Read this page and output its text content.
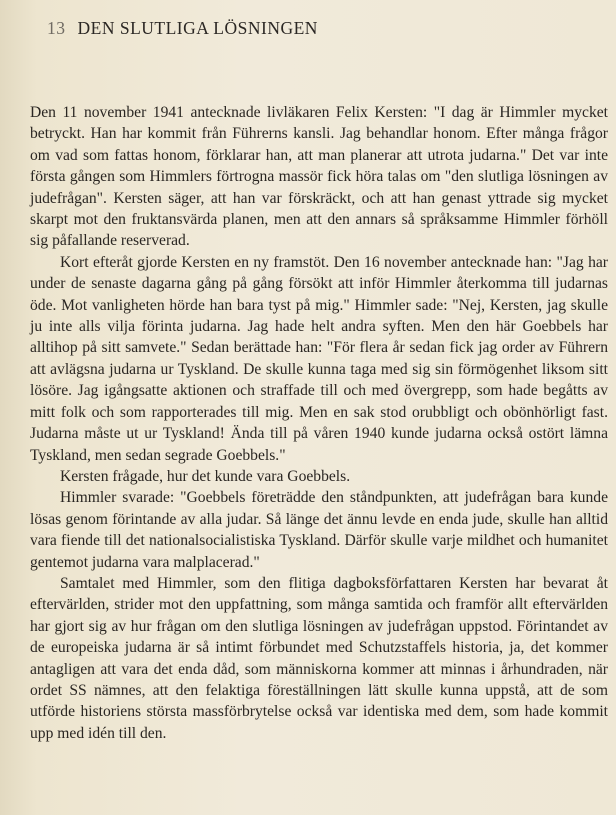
13 DEN SLUTLIGA LÖSNINGEN

Den 11 november 1941 antecknade livläkaren Felix Kersten: "I dag är Himmler mycket betryckt. Han har kommit från Führerns kansli. Jag behandlar honom. Efter många frågor om vad som fattas honom, förklarar han, att man planerar att utrota judarna." Det var inte första gången som Himmlers förtrogna massör fick höra talas om "den slutliga lösningen av judefrågan". Kersten säger, att han var förskräckt, och att han genast yttrade sig mycket skarpt mot den fruktansvärda planen, men att den annars så språksamme Himmler förhöll sig påfallande reserverad.

Kort efteråt gjorde Kersten en ny framstöt. Den 16 november antecknade han: "Jag har under de senaste dagarna gång på gång försökt att inför Himmler återkomma till judarnas öde. Mot vanligheten hörde han bara tyst på mig." Himmler sade: "Nej, Kersten, jag skulle ju inte alls vilja förinta judarna. Jag hade helt andra syften. Men den här Goebbels har alltihop på sitt samvete." Sedan berättade han: "För flera år sedan fick jag order av Führern att avlägsna judarna ur Tyskland. De skulle kunna taga med sig sin förmögenhet liksom sitt lösöre. Jag igångsatte aktionen och straffade till och med övergrepp, som hade begåtts av mitt folk och som rapporterades till mig. Men en sak stod orubbligt och obönhörligt fast. Judarna måste ut ur Tyskland! Ända till på våren 1940 kunde judarna också ostört lämna Tyskland, men sedan segrade Goebbels."

Kersten frågade, hur det kunde vara Goebbels.

Himmler svarade: "Goebbels företrädde den ståndpunkten, att judefrågan bara kunde lösas genom förintande av alla judar. Så länge det ännu levde en enda jude, skulle han alltid vara fiende till det nationalsocialistiska Tyskland. Därför skulle varje mildhet och humanitet gentemot judarna vara malplacerad."

Samtalet med Himmler, som den flitiga dagboksförfattaren Kersten har bevarat åt eftervärlden, strider mot den uppfattning, som många samtida och framför allt eftervärlden har gjort sig av hur frågan om den slutliga lösningen av judefrågan uppstod. Förintandet av de europeiska judarna är så intimt förbundet med Schutzstaffels historia, ja, det kommer antagligen att vara det enda dåd, som människorna kommer att minnas i århundraden, när ordet SS nämnes, att den felaktiga föreställningen lätt skulle kunna uppstå, att de som utförde historiens största massförbrytelse också var identiska med dem, som hade kommit upp med idén till den.
